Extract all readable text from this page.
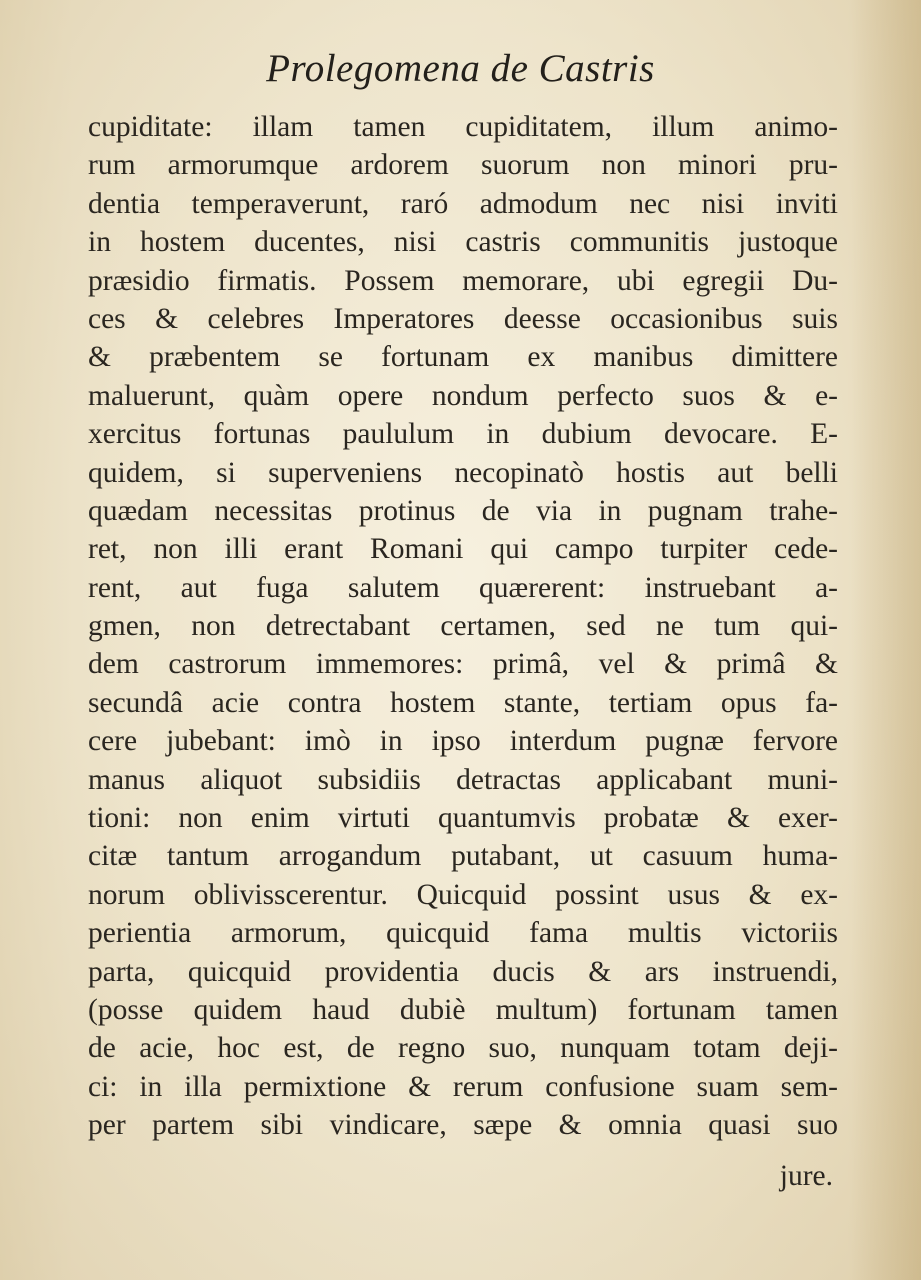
Prolegomena de Castris
cupiditate: illam tamen cupiditatem, illum animo-
rum armorumque ardorem suorum non minori pru-
dentia temperaverunt, raró admodum nec nisi inviti
in hostem ducentes, nisi castris communitis justoque
præsidio firmatis. Possem memorare, ubi egregii Du-
ces & celebres Imperatores deesse occasionibus suis
& præbentem se fortunam ex manibus dimittere
maluerunt, quàm opere nondum perfecto suos & e-
xercitus fortunas paululum in dubium devocare. E-
quidem, si superveniens necopinatò hostis aut belli
quædam necessitas protinus de via in pugnam trahe-
ret, non illi erant Romani qui campo turpiter cede-
rent, aut fuga salutem quærerent: instruebant a-
gmen, non detrectabant certamen, sed ne tum qui-
dem castrorum immemores: primâ, vel & primâ &
secundâ acie contra hostem stante, tertiam opus fa-
cere jubebant: imò in ipso interdum pugnæ fervore
manus aliquot subsidiis detractas applicabant muni-
tioni: non enim virtuti quantumvis probatæ & exer-
citæ tantum arrogandum putabant, ut casuum huma-
norum oblivisscerentur. Quicquid possint usus & ex-
perientia armorum, quicquid fama multis victoriis
parta, quicquid providentia ducis & ars instruendi,
(posse quidem haud dubiè multum) fortunam tamen
de acie, hoc est, de regno suo, nunquam totam deji-
ci: in illa permixtione & rerum confusione suam sem-
per partem sibi vindicare, sæpe & omnia quasi suo
jure.
